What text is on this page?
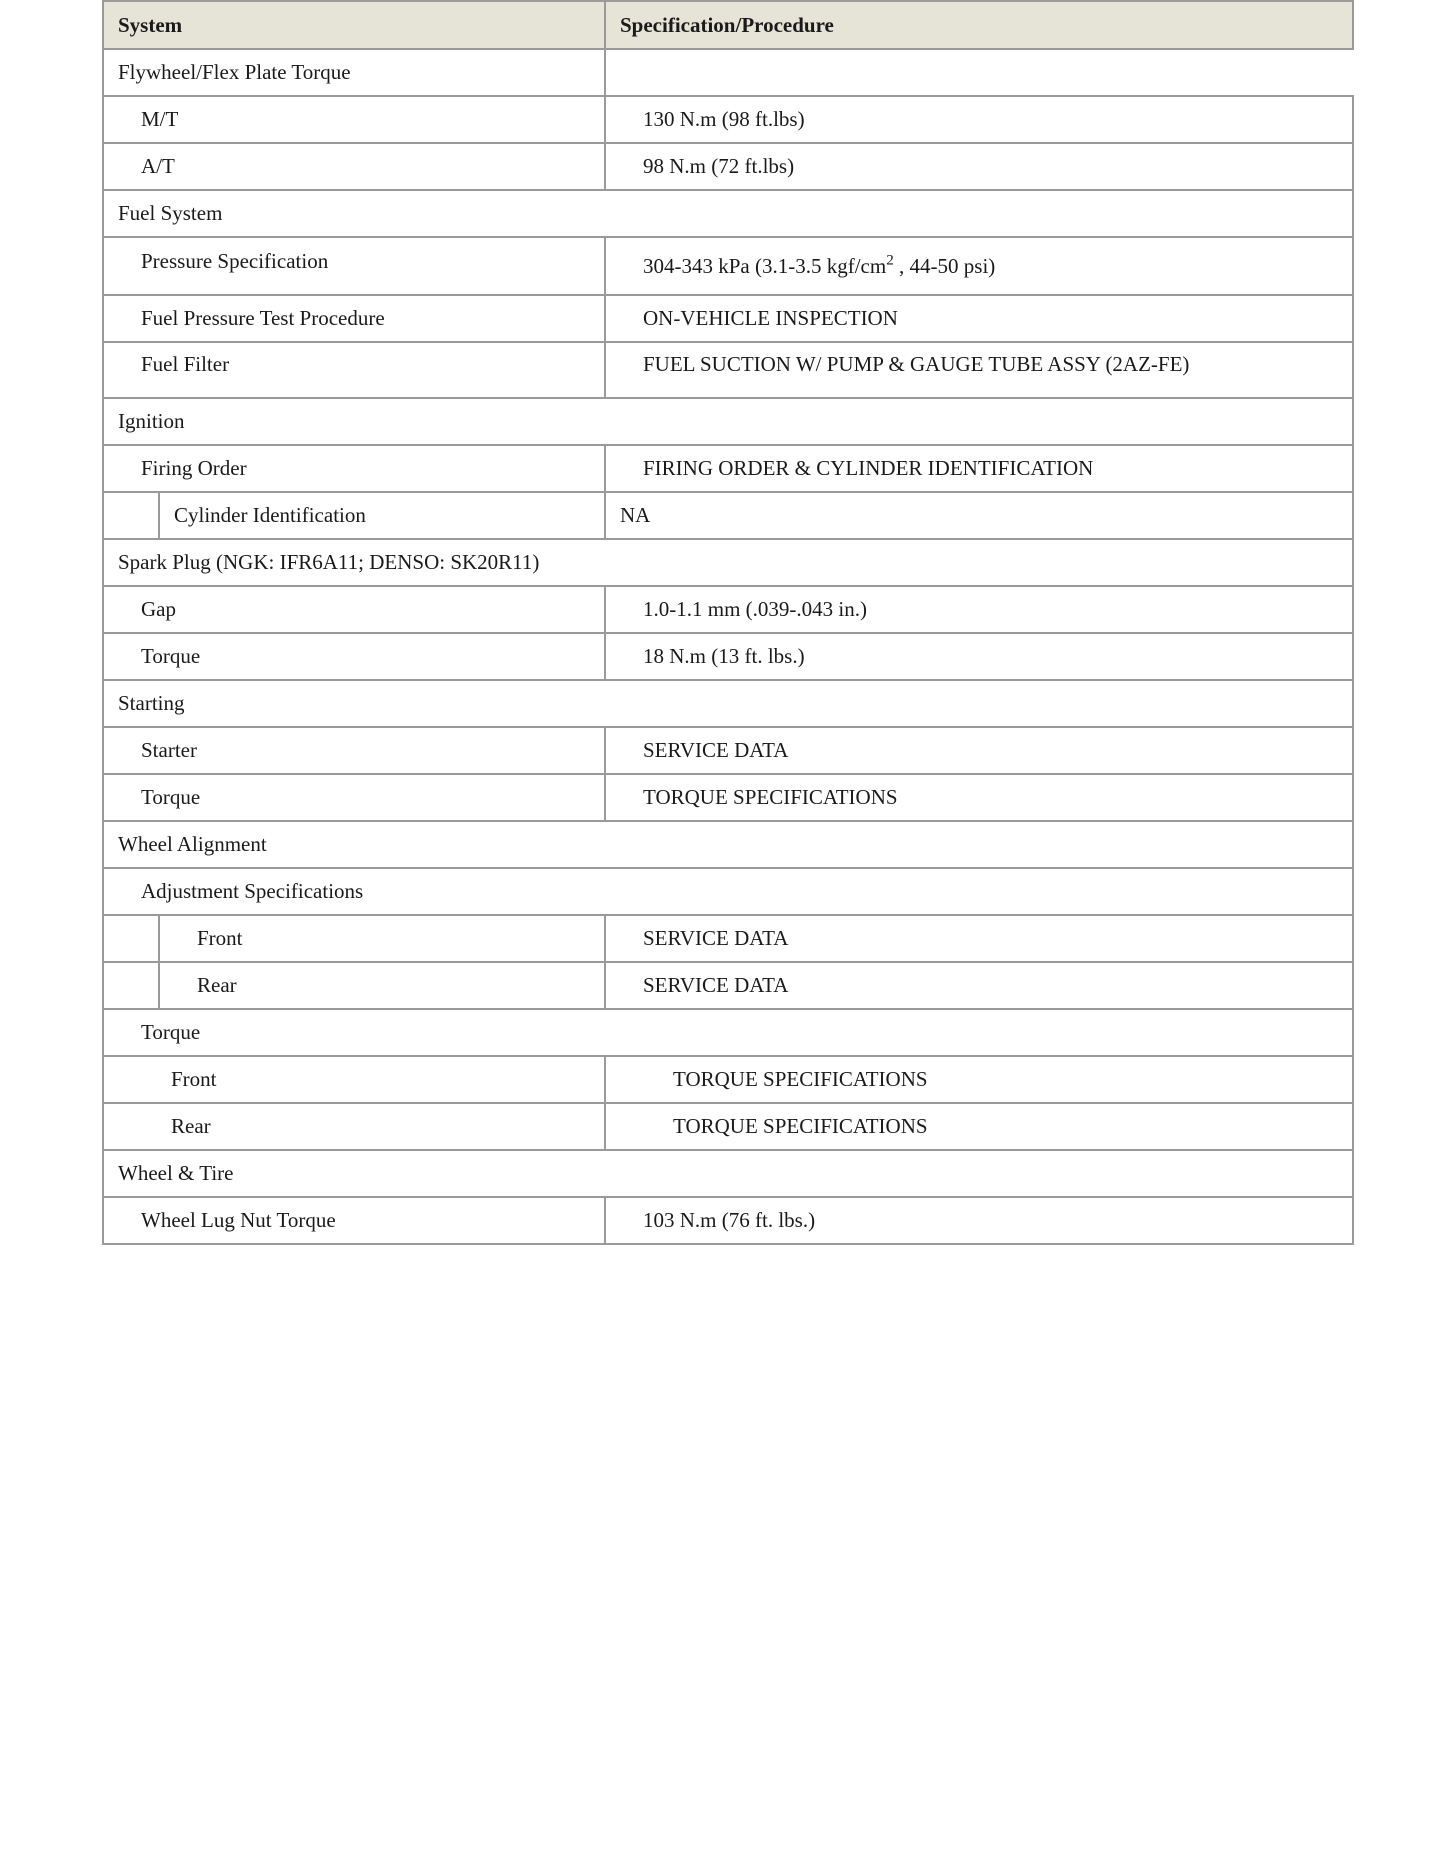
System	Specification/Procedure
Flywheel/Flex Plate Torque	
M/T	130 N.m (98 ft.lbs)
A/T	98 N.m (72 ft.lbs)
Fuel System	
Pressure Specification	304-343 kPa (3.1-3.5 kgf/$cm^2$ , 44-50 psi)
Fuel Pressure Test Procedure	ON-VEHICLE INSPECTION
Fuel Filter	FUEL SUCTION W/ PUMP & GAUGE TUBE ASSY (2AZ-FE)
Ignition	
Firing Order	FIRING ORDER & CYLINDER IDENTIFICATION

Cylinder Identification	NA
Spark Plug (NGK: IFR6A11; DENSO: SK20R11)	
Gap	1.0-1.1 mm (.039-.043 in.)
Torque	18 N.m (13 ft. lbs.)
Starting	
Starter	SERVICE DATA
Torque	TORQUE SPECIFICATIONS
Wheel Alignment	
Adjustment Specifications	

Front	SERVICE DATA

Rear	SERVICE DATA
Torque	
Front	TORQUE SPECIFICATIONS
Rear	TORQUE SPECIFICATIONS
Wheel & Tire	
Wheel Lug Nut Torque	103 N.m (76 ft. lbs.)
